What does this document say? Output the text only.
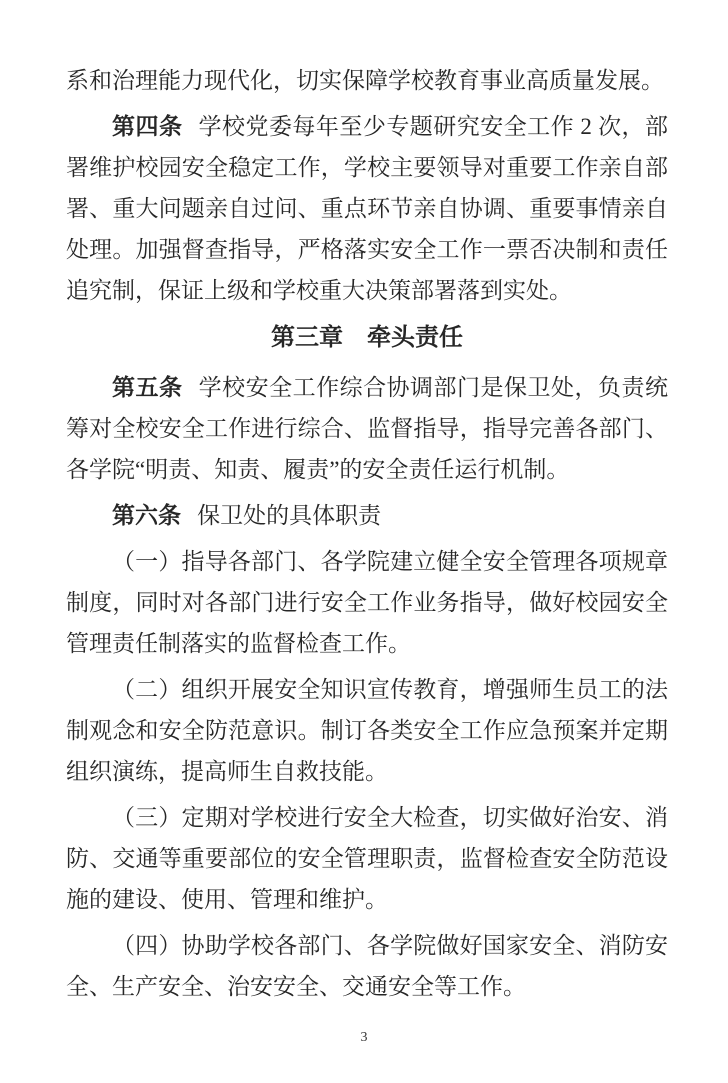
系和治理能力现代化，切实保障学校教育事业高质量发展。

第四条 学校党委每年至少专题研究安全工作 2 次，部署维护校园安全稳定工作，学校主要领导对重要工作亲自部署、重大问题亲自过问、重点环节亲自协调、重要事情亲自处理。加强督查指导，严格落实安全工作一票否决制和责任追究制，保证上级和学校重大决策部署落到实处。

第三章　牵头责任

第五条 学校安全工作综合协调部门是保卫处，负责统筹对全校安全工作进行综合、监督指导，指导完善各部门、各学院“明责、知责、履责”的安全责任运行机制。

第六条 保卫处的具体职责

（一）指导各部门、各学院建立健全安全管理各项规章制度，同时对各部门进行安全工作业务指导，做好校园安全管理责任制落实的监督检查工作。

（二）组织开展安全知识宣传教育，增强师生员工的法制观念和安全防范意识。制订各类安全工作应急预案并定期组织演练，提高师生自救技能。

（三）定期对学校进行安全大检查，切实做好治安、消防、交通等重要部位的安全管理职责，监督检查安全防范设施的建设、使用、管理和维护。

（四）协助学校各部门、各学院做好国家安全、消防安全、生产安全、治安安全、交通安全等工作。

3
